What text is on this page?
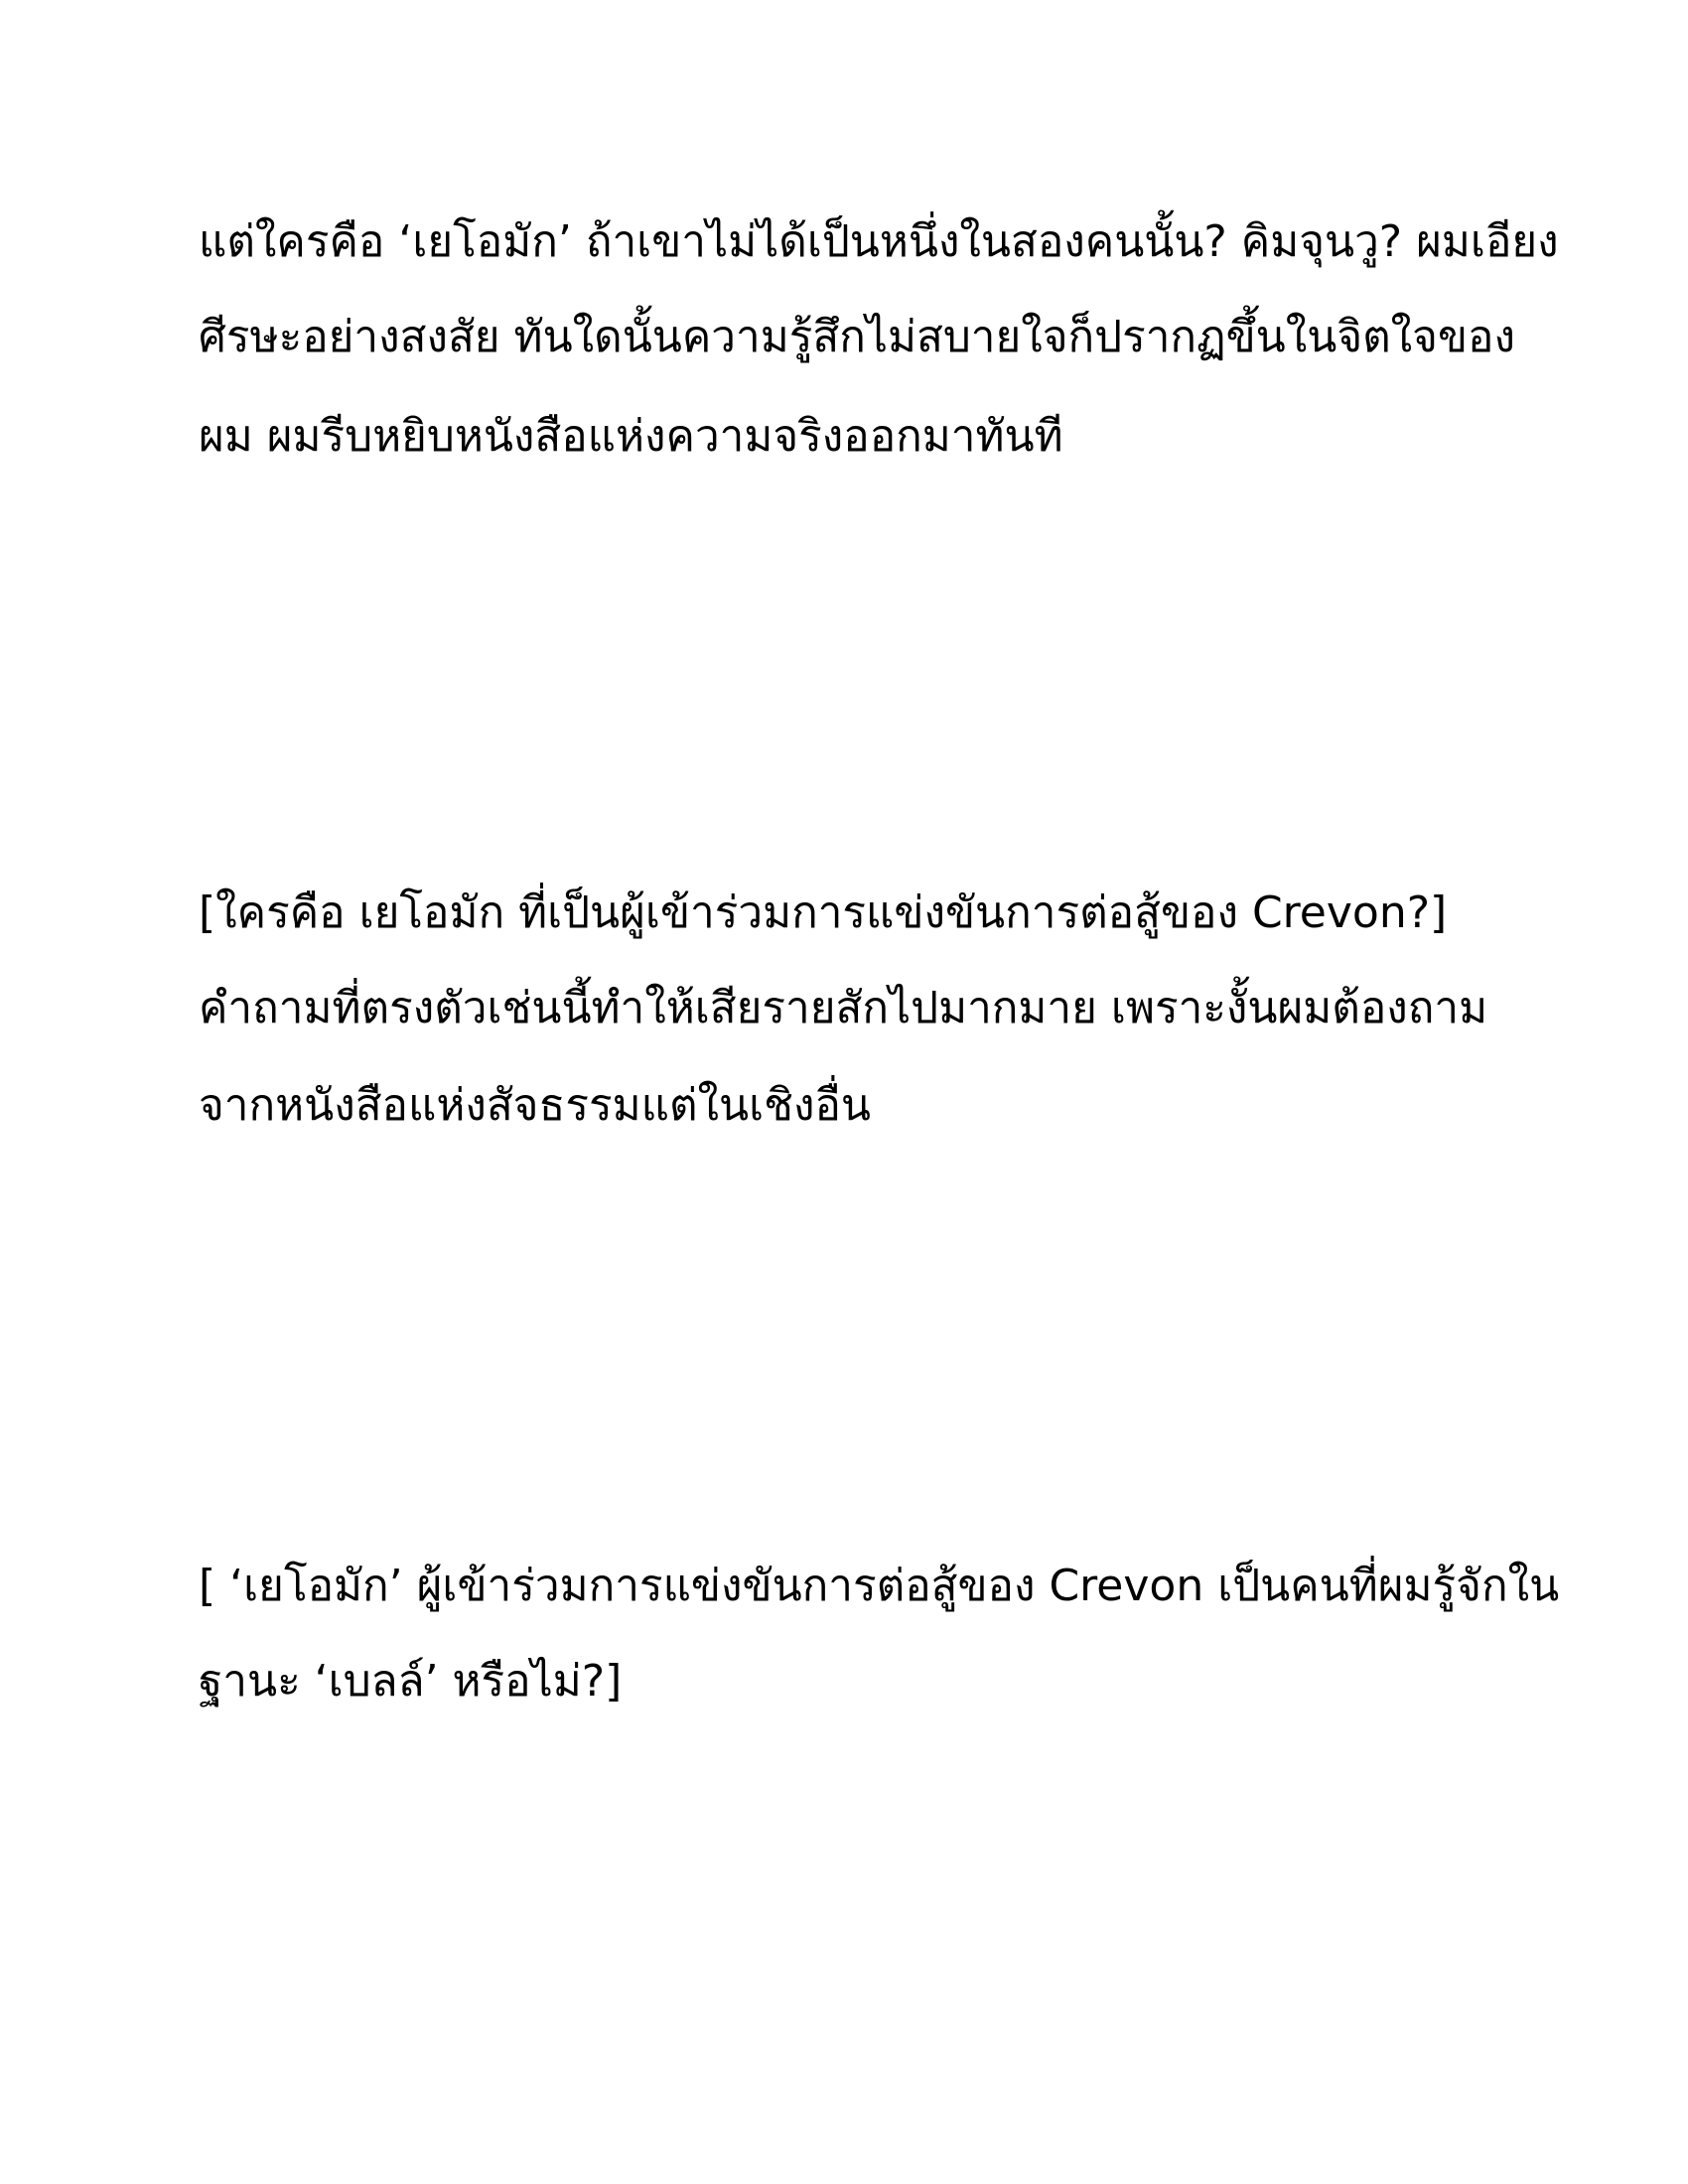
แต่ใครคือ ‘เยโอมัก’ ถ้าเขาไม่ได้เป็นหนึ่งในสองคนนั้น? คิมจุนวู? ผมเอียง

ศีรษะอย่างสงสัย ทันใดนั้นความรู้สึกไม่สบายใจก็ปรากฏขึ้นในจิตใจของ

ผม ผมรีบหยิบหนังสือแห่งความจริงออกมาทันที

[ใครคือ เยโอมัก ที่เป็นผู้เข้าร่วมการแข่งขันการต่อสู้ของ Crevon?]

คำถามที่ตรงตัวเช่นนี้ทำให้เสียรายสักไปมากมาย เพราะงั้นผมต้องถาม

จากหนังสือแห่งสัจธรรมแต่ในเชิงอื่น

[ ‘เยโอมัก’ ผู้เข้าร่วมการแข่งขันการต่อสู้ของ Crevon เป็นคนที่ผมรู้จักใน

ฐานะ ‘เบลล์’ หรือไม่?]
